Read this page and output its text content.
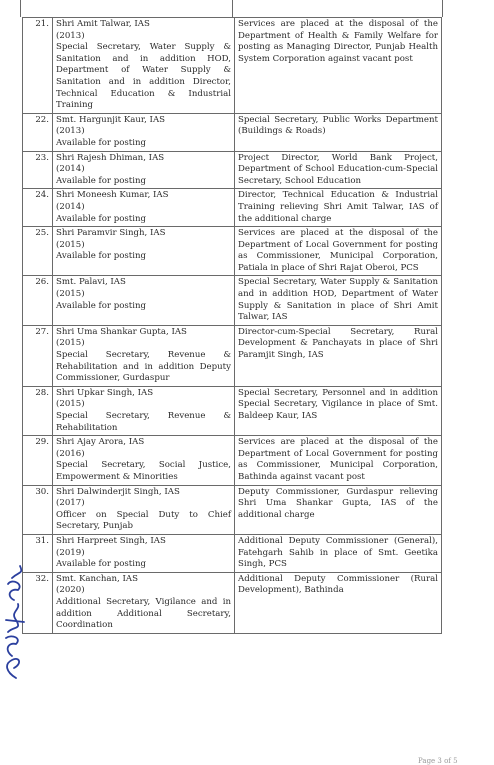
21.	Shri Amit Talwar, IAS
(2013)
Special Secretary, Water Supply & Sanitation and in addition HOD, Department of Water Supply & Sanitation and in addition Director, Technical Education & Industrial Training	Services are placed at the disposal of the Department of Health & Family Welfare for posting as Managing Director, Punjab Health System Corporation against vacant post
22.	Smt. Hargunjit Kaur, IAS
(2013)
Available for posting	Special Secretary, Public Works Department (Buildings & Roads)
23.	Shri Rajesh Dhiman, IAS
(2014)
Available for posting	Project Director, World Bank Project, Department of School Education-cum-Special Secretary, School Education
24.	Shri Moneesh Kumar, IAS
(2014)
Available for posting	Director, Technical Education & Industrial Training relieving Shri Amit Talwar, IAS of the additional charge
25.	Shri Paramvir Singh, IAS
(2015)
Available for posting	Services are placed at the disposal of the Department of Local Government for posting as Commissioner, Municipal Corporation, Patiala in place of Shri Rajat Oberoi, PCS
26.	Smt. Palavi, IAS
(2015)
Available for posting	Special Secretary, Water Supply & Sanitation and in addition HOD, Department of Water Supply & Sanitation in place of Shri Amit Talwar, IAS
27.	Shri Uma Shankar Gupta, IAS
(2015)
Special Secretary, Revenue & Rehabilitation and in addition Deputy Commissioner, Gurdaspur	Director-cum-Special Secretary, Rural Development & Panchayats in place of Shri Paramjit Singh, IAS
28.	Shri Upkar Singh, IAS
(2015)
Special Secretary, Revenue & Rehabilitation	Special Secretary, Personnel and in addition Special Secretary, Vigilance in place of Smt. Baldeep Kaur, IAS
29.	Shri Ajay Arora, IAS
(2016)
Special Secretary, Social Justice, Empowerment & Minorities	Services are placed at the disposal of the Department of Local Government for posting as Commissioner, Municipal Corporation, Bathinda against vacant post
30.	Shri Dalwinderjit Singh, IAS
(2017)
Officer on Special Duty to Chief Secretary, Punjab	Deputy Commissioner, Gurdaspur relieving Shri Uma Shankar Gupta, IAS of the additional charge
31.	Shri Harpreet Singh, IAS
(2019)
Available for posting	Additional Deputy Commissioner (General), Fatehgarh Sahib in place of Smt. Geetika Singh, PCS
32.	Smt. Kanchan, IAS
(2020)
Additional Secretary, Vigilance and in addition Additional Secretary, Coordination	Additional Deputy Commissioner (Rural Development), Bathinda
Page 3 of 5
